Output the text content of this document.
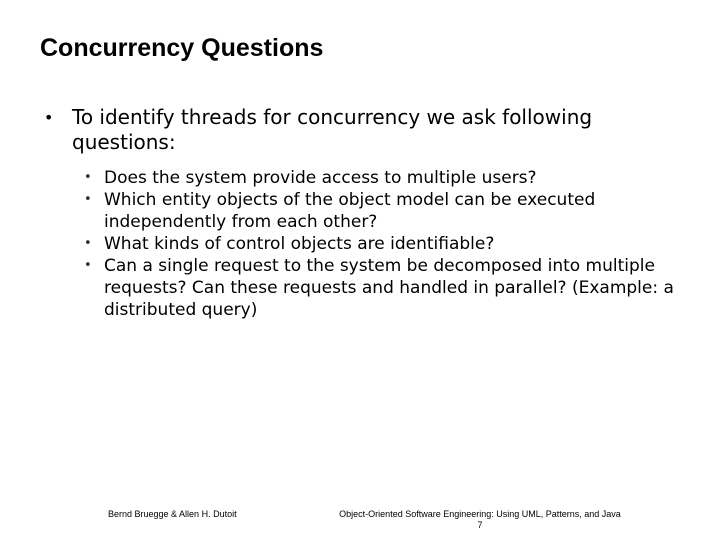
Concurrency Questions
• To identify threads for concurrency we ask following questions:
• Does the system provide access to multiple users?
• Which entity objects of the object model can be executed independently from each other?
• What kinds of control objects are identifiable?
• Can a single request to the system be decomposed into multiple requests? Can these requests and handled in parallel? (Example: a distributed query)
Bernd Bruegge & Allen H. Dutoit	Object-Oriented Software Engineering: Using UML, Patterns, and Java
7
